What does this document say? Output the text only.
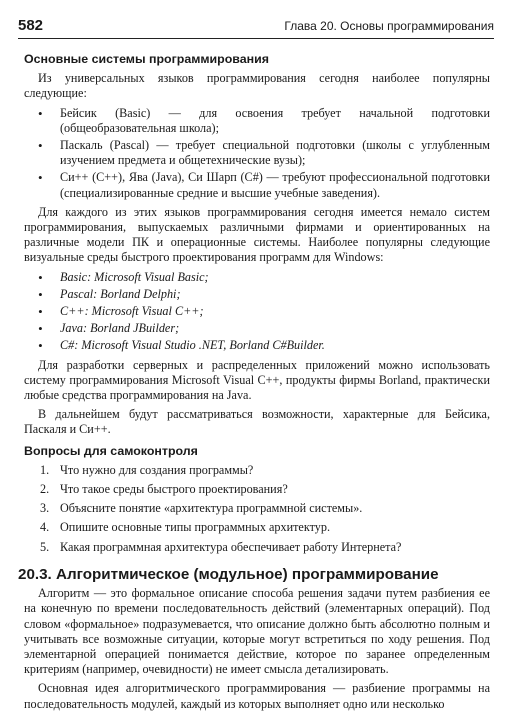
582	Глава 20. Основы программирования
Основные системы программирования

Из универсальных языков программирования сегодня наиболее популярны следующие:

• Бейсик (Basic) — для освоения требует начальной подготовки (общеобразовательная школа);
• Паскаль (Pascal) — требует специальной подготовки (школы с углубленным изучением предмета и общетехнические вузы);
• Си++ (C++), Ява (Java), Си Шарп (C#) — требуют профессиональной подготовки (специализированные средние и высшие учебные заведения).

Для каждого из этих языков программирования сегодня имеется немало систем программирования, выпускаемых различными фирмами и ориентированных на различные модели ПК и операционные системы. Наиболее популярны следующие визуальные среды быстрого проектирования программ для Windows:

• Basic: Microsoft Visual Basic;
• Pascal: Borland Delphi;
• C++: Microsoft Visual C++;
• Java: Borland JBuilder;
• C#: Microsoft Visual Studio .NET, Borland C#Builder.

Для разработки серверных и распределенных приложений можно использовать систему программирования Microsoft Visual C++, продукты фирмы Borland, практически любые средства программирования на Java.

В дальнейшем будут рассматриваться возможности, характерные для Бейсика, Паскаля и Си++.

Вопросы для самоконтроля
1. Что нужно для создания программы?
2. Что такое среды быстрого проектирования?
3. Объясните понятие «архитектура программной системы».
4. Опишите основные типы программных архитектур.
5. Какая программная архитектура обеспечивает работу Интернета?
20.3. Алгоритмическое (модульное) программирование

Алгоритм — это формальное описание способа решения задачи путем разбиения ее на конечную по времени последовательность действий (элементарных операций). Под словом «формальное» подразумевается, что описание должно быть абсолютно полным и учитывать все возможные ситуации, которые могут встретиться по ходу решения. Под элементарной операцией понимается действие, которое по заранее определенным критериям (например, очевидности) не имеет смысла детализировать.

Основная идея алгоритмического программирования — разбиение программы на последовательность модулей, каждый из которых выполняет одно или несколько
